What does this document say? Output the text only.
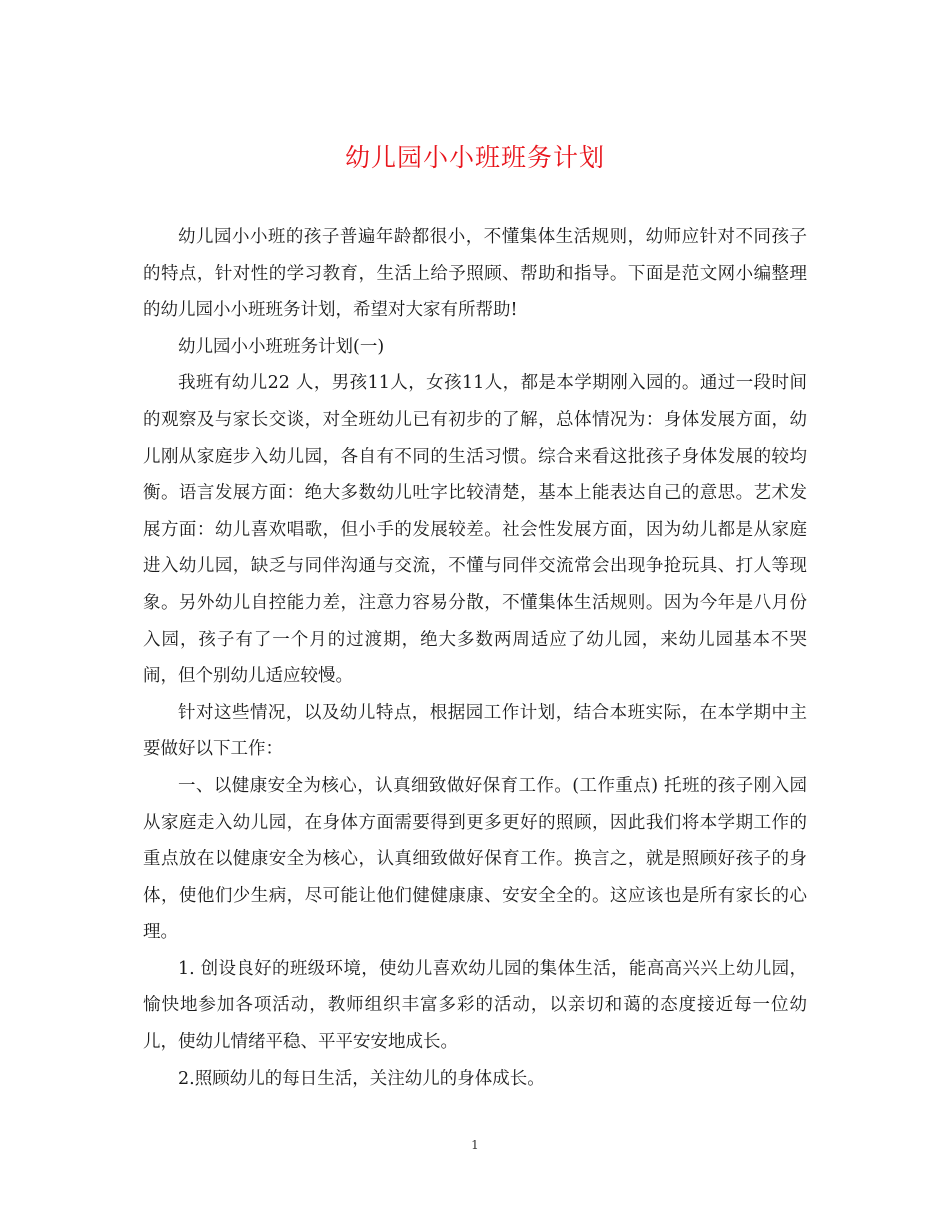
幼儿园小小班班务计划

幼儿园小小班的孩子普遍年龄都很小，不懂集体生活规则，幼师应针对不同孩子的特点，针对性的学习教育，生活上给予照顾、帮助和指导。下面是范文网小编整理的幼儿园小小班班务计划，希望对大家有所帮助!

幼儿园小小班班务计划(一)

我班有幼儿22 人，男孩11人，女孩11人，都是本学期刚入园的。通过一段时间的观察及与家长交谈，对全班幼儿已有初步的了解，总体情况为：身体发展方面，幼儿刚从家庭步入幼儿园，各自有不同的生活习惯。综合来看这批孩子身体发展的较均衡。语言发展方面：绝大多数幼儿吐字比较清楚，基本上能表达自己的意思。艺术发展方面：幼儿喜欢唱歌，但小手的发展较差。社会性发展方面，因为幼儿都是从家庭进入幼儿园，缺乏与同伴沟通与交流，不懂与同伴交流常会出现争抢玩具、打人等现象。另外幼儿自控能力差，注意力容易分散，不懂集体生活规则。因为今年是八月份入园，孩子有了一个月的过渡期，绝大多数两周适应了幼儿园，来幼儿园基本不哭闹，但个别幼儿适应较慢。

针对这些情况，以及幼儿特点，根据园工作计划，结合本班实际，在本学期中主要做好以下工作：

一、以健康安全为核心，认真细致做好保育工作。(工作重点) 托班的孩子刚入园从家庭走入幼儿园，在身体方面需要得到更多更好的照顾，因此我们将本学期工作的重点放在以健康安全为核心，认真细致做好保育工作。换言之，就是照顾好孩子的身体，使他们少生病，尽可能让他们健健康康、安安全全的。这应该也是所有家长的心理。

1. 创设良好的班级环境，使幼儿喜欢幼儿园的集体生活，能高高兴兴上幼儿园，愉快地参加各项活动，教师组织丰富多彩的活动，以亲切和蔼的态度接近每一位幼儿，使幼儿情绪平稳、平平安安地成长。

2.照顾幼儿的每日生活，关注幼儿的身体成长。

1
